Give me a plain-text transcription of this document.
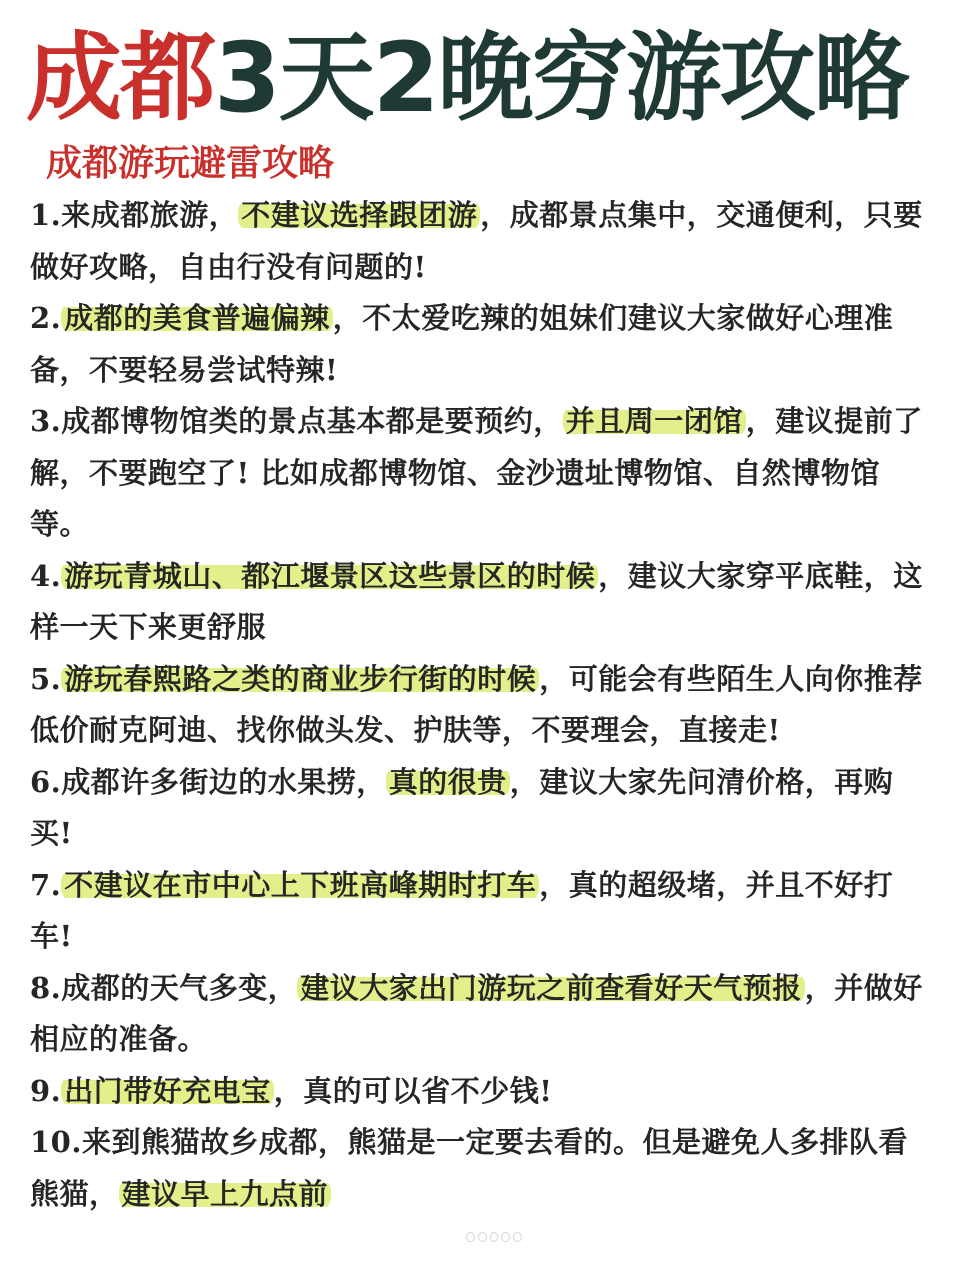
成都3天2晚穷游攻略
成都游玩避雷攻略
1.来成都旅游， 不建议选择跟团游 ，成都景点集中，交通便利，只要做好攻略，自由行没有问题的!
2. 成都的美食普遍偏辣 ，不太爱吃辣的姐妹们建议大家做好心理准备，不要轻易尝试特辣!
3.成都博物馆类的景点基本都是要预约， 并且周一闭馆 ，建议提前了解，不要跑空了! 比如成都博物馆、金沙遗址博物馆、自然博物馆等。
4. 游玩青城山、都江堰景区这些景区的时候 ，建议大家穿平底鞋，这样一天下来更舒服
5. 游玩春熙路之类的商业步行街的时候 ，可能会有些陌生人向你推荐低价耐克阿迪、找你做头发、护肤等，不要理会，直接走!
6.成都许多街边的水果捞， 真的很贵 ，建议大家先问清价格，再购买!
7. 不建议在市中心上下班高峰期时打车 ，真的超级堵，并且不好打车!
8.成都的天气多变， 建议大家出门游玩之前查看好天气预报 ，并做好相应的准备。
9. 出门带好充电宝 ，真的可以省不少钱!
10.来到熊猫故乡成都，熊猫是一定要去看的。但是避免人多排队看熊猫， 建议早上九点前
